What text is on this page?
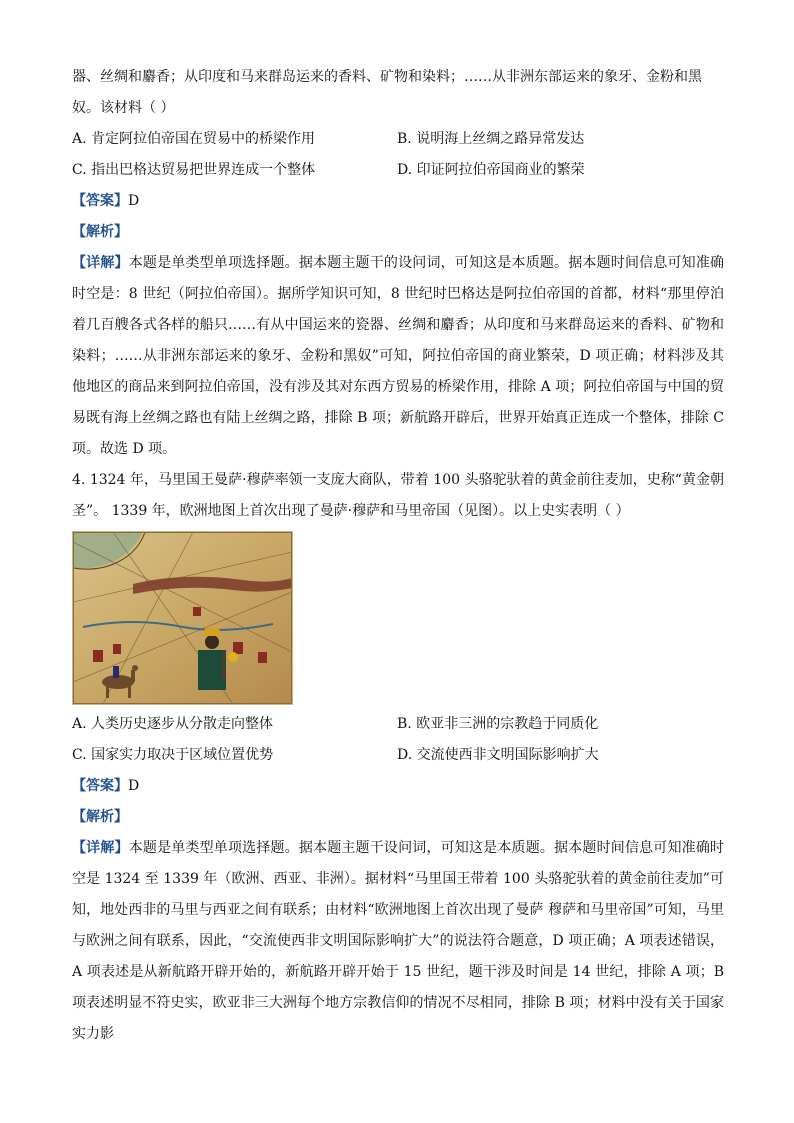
器、丝绸和麝香；从印度和马来群岛运来的香料、矿物和染料；……从非洲东部运来的象牙、金粉和黑
奴。该材料（ ）

A. 肯定阿拉伯帝国在贸易中的桥梁作用	B. 说明海上丝绸之路异常发达
C. 指出巴格达贸易把世界连成一个整体	D. 印证阿拉伯帝国商业的繁荣

【答案】D

【解析】

【详解】本题是单类型单项选择题。据本题主题干的设问词，可知这是本质题。据本题时间信息可知准确时空是：8 世纪（阿拉伯帝国）。据所学知识可知，8 世纪时巴格达是阿拉伯帝国的首都，材料“那里停泊着几百艘各式各样的船只……有从中国运来的瓷器、丝绸和麝香；从印度和马来群岛运来的香料、矿物和染料；……从非洲东部运来的象牙、金粉和黑奴”可知，阿拉伯帝国的商业繁荣，D 项正确；材料涉及其他地区的商品来到阿拉伯帝国，没有涉及其对东西方贸易的桥梁作用，排除 A 项；阿拉伯帝国与中国的贸易既有海上丝绸之路也有陆上丝绸之路，排除 B 项；新航路开辟后，世界开始真正连成一个整体，排除 C 项。故选 D 项。

4. 1324 年，马里国王曼萨·穆萨率领一支庞大商队，带着 100 头骆驼驮着的黄金前往麦加，史称“黄金朝圣”。 1339 年，欧洲地图上首次出现了曼萨·穆萨和马里帝国（见图）。以上史实表明（ ）

A. 人类历史逐步从分散走向整体	B. 欧亚非三洲的宗教趋于同质化
C. 国家实力取决于区域位置优势	D. 交流使西非文明国际影响扩大

【答案】D

【解析】

【详解】本题是单类型单项选择题。据本题主题干设问词，可知这是本质题。据本题时间信息可知准确时空是 1324 至 1339 年（欧洲、西亚、非洲）。据材料“马里国王带着 100 头骆驼驮着的黄金前往麦加”可知，地处西非的马里与西亚之间有联系；由材料“欧洲地图上首次出现了曼萨 穆萨和马里帝国”可知，马里与欧洲之间有联系，因此，“交流使西非文明国际影响扩大”的说法符合题意，D 项正确；A 项表述错误，A 项表述是从新航路开辟开始的，新航路开辟开始于 15 世纪，题干涉及时间是 14 世纪，排除 A 项；B 项表述明显不符史实，欧亚非三大洲每个地方宗教信仰的情况不尽相同，排除 B 项；材料中没有关于国家实力影
